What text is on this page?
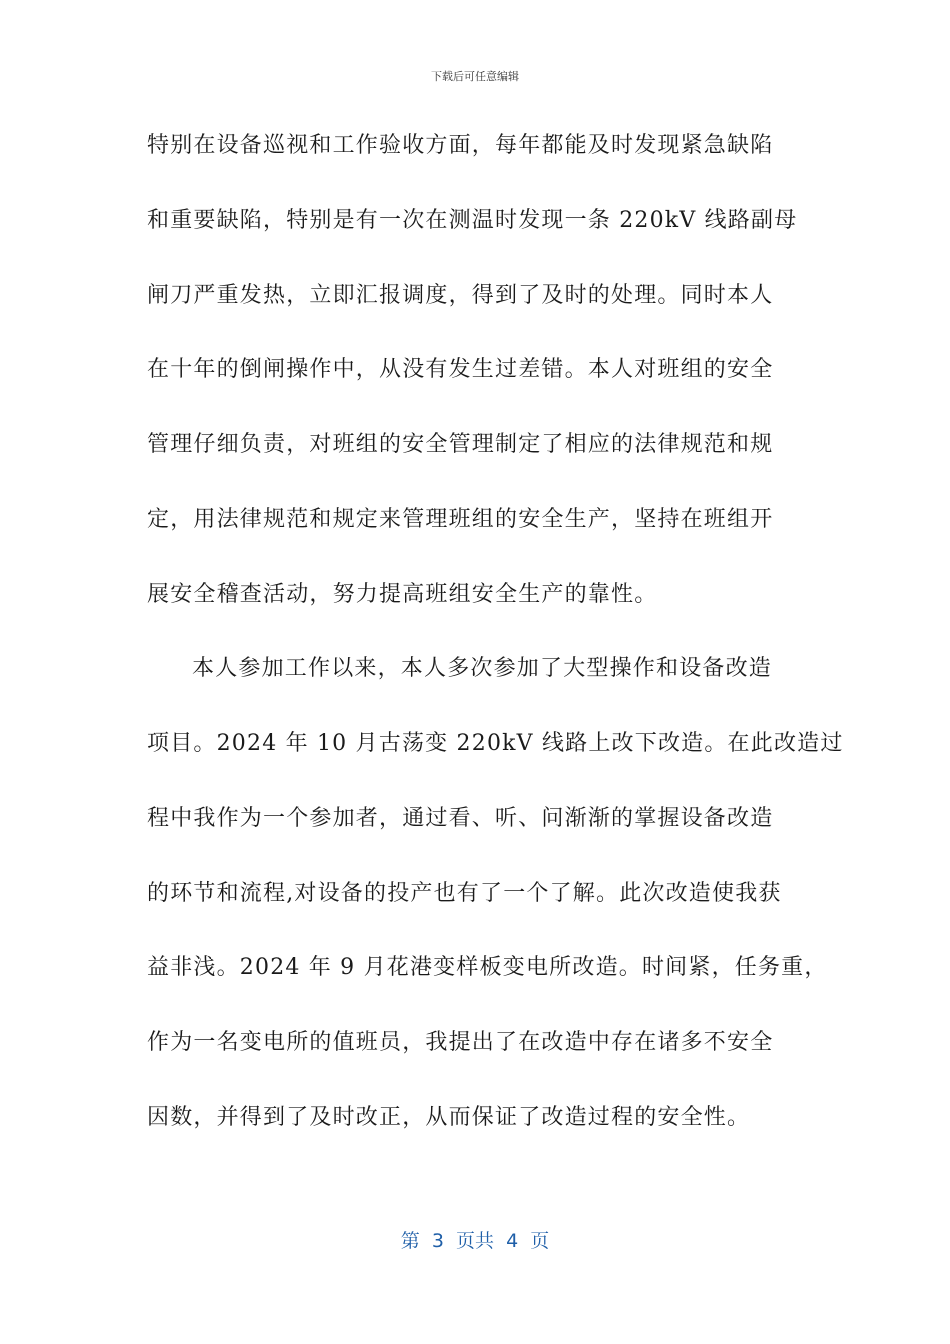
下载后可任意编辑
特别在设备巡视和工作验收方面，每年都能及时发现紧急缺陷
和重要缺陷，特别是有一次在测温时发现一条 220kV 线路副母
闸刀严重发热，立即汇报调度，得到了及时的处理。同时本人
在十年的倒闸操作中，从没有发生过差错。本人对班组的安全
管理仔细负责，对班组的安全管理制定了相应的法律规范和规
定，用法律规范和规定来管理班组的安全生产，坚持在班组开
展安全稽查活动，努力提高班组安全生产的靠性。
本人参加工作以来，本人多次参加了大型操作和设备改造
项目。2024 年 10 月古荡变 220kV 线路上改下改造。在此改造过
程中我作为一个参加者，通过看、听、问渐渐的掌握设备改造
的环节和流程,对设备的投产也有了一个了解。此次改造使我获
益非浅。2024 年 9 月花港变样板变电所改造。时间紧，任务重，
作为一名变电所的值班员，我提出了在改造中存在诸多不安全
因数，并得到了及时改正，从而保证了改造过程的安全性。
第  3  页共  4  页
